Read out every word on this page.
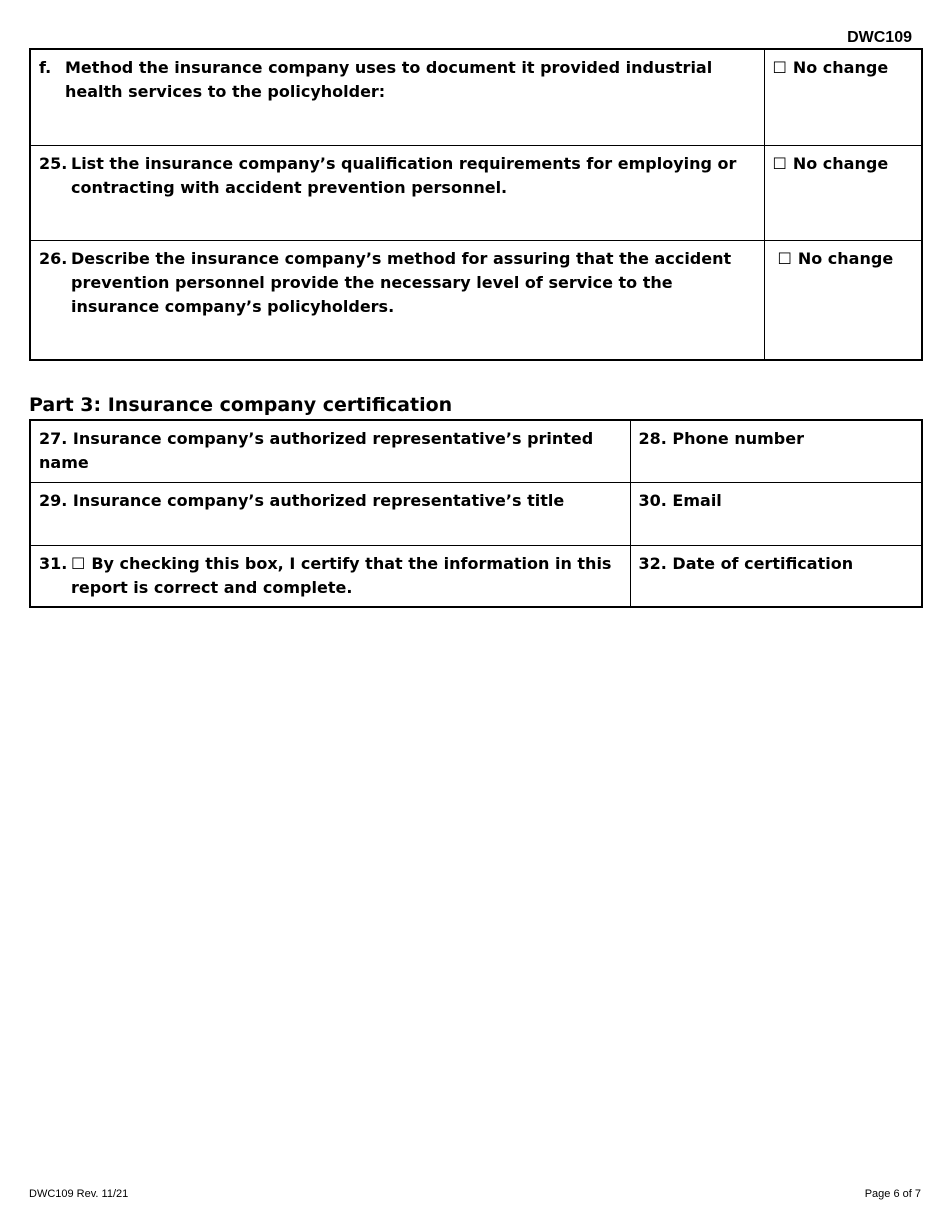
DWC109
f. Method the insurance company uses to document it provided industrial health services to the policyholder:	☐ No change

25. List the insurance company’s qualification requirements for employing or contracting with accident prevention personnel.	☐ No change

26. Describe the insurance company’s method for assuring that the accident prevention personnel provide the necessary level of service to the insurance company’s policyholders.	☐ No change
Part 3: Insurance company certification
27. Insurance company’s authorized representative’s printed name	28. Phone number
29. Insurance company’s authorized representative’s title	30. Email

31. ☐ By checking this box, I certify that the information in this report is correct and complete.	32. Date of certification
DWC109 Rev. 11/21	Page 6 of 7
